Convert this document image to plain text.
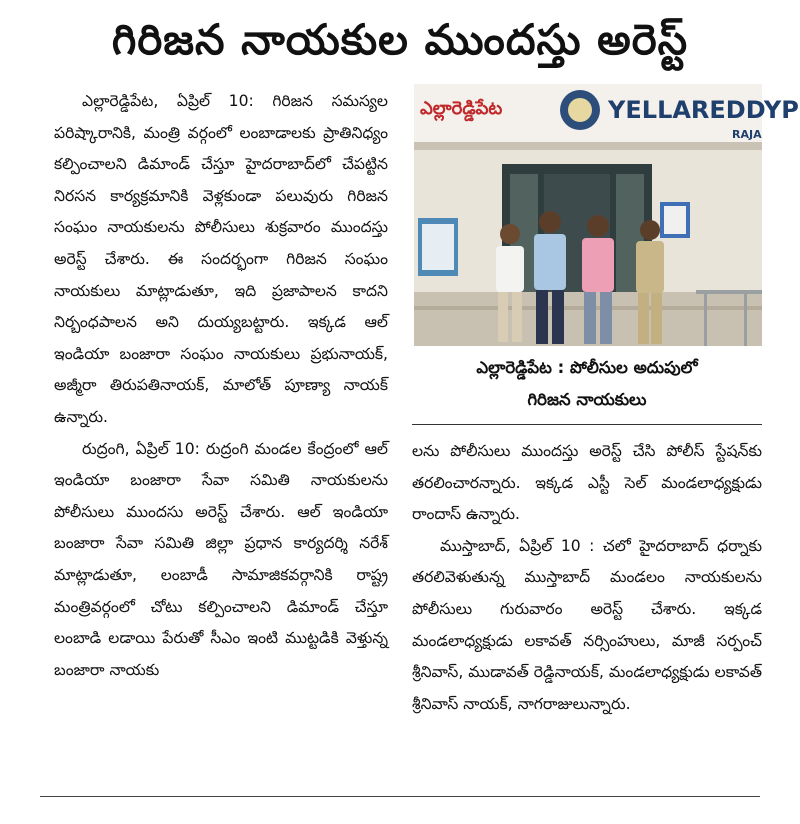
గిరిజన నాయకుల ముందస్తు అరెస్ట్

ఎల్లారెడ్డిపేట, ఏప్రిల్ 10: గిరిజన సమస్యల పరిష్కారానికి, మంత్రి వర్గంలో లంబాడాలకు ప్రాతినిధ్యం కల్పించాలని డిమాండ్ చేస్తూ హైదరాబాద్‌లో చేపట్టిన నిరసన కార్యక్రమానికి వెళ్లకుండా పలువురు గిరిజన సంఘం నాయకులను పోలీసులు శుక్రవారం ముందస్తు అరెస్ట్ చేశారు. ఈ సందర్భంగా గిరిజన సంఘం నాయకులు మాట్లాడుతూ, ఇది ప్రజాపాలన కాదని నిర్బంధపాలన అని దుయ్యబట్టారు. ఇక్కడ ఆల్ ఇండియా బంజారా సంఘం నాయకులు ప్రభునాయక్, అజ్మీరా తిరుపతినాయక్, మాలోత్ పూణ్యా నాయక్ ఉన్నారు.

రుద్రంగి, ఏప్రిల్ 10: రుద్రంగి మండల కేంద్రంలో ఆల్ ఇండియా బంజారా సేవా సమితి నాయకులను పోలీసులు ముందసు అరెస్ట్ చేశారు. ఆల్ ఇండియా బంజారా సేవా సమితి జిల్లా ప్రధాన కార్యదర్శి నరేశ్ మాట్లాడుతూ, లంబాడీ సామాజికవర్గానికి రాష్ట్ర మంత్రివర్గంలో చోటు కల్పించాలని డిమాండ్ చేస్తూ లంబాడి లడాయి పేరుతో సీఎం ఇంటి ముట్టడికి వెళ్తున్న బంజారా నాయకు

ఎల్లారెడ్డిపేట	YELLAREDDYP
RAJA
ఎల్లారెడ్డిపేట : పోలీసుల అదుపులో
గిరిజన నాయకులు

లను పోలీసులు ముందస్తు అరెస్ట్ చేసి పోలీస్ స్టేషన్‌కు తరలించారన్నారు. ఇక్కడ ఎస్టీ సెల్ మండలాధ్యక్షుడు రాందాస్ ఉన్నారు.

ముస్తాబాద్, ఏప్రిల్ 10 : చలో హైదరాబాద్ ధర్నాకు తరలివెళుతున్న ముస్తాబాద్ మండలం నాయకులను పోలీసులు గురువారం అరెస్ట్ చేశారు. ఇక్కడ మండలాధ్యక్షుడు లకావత్ నర్సింహులు, మాజీ సర్పంచ్ శ్రీనివాస్, ముడావత్ రెడ్డినాయక్, మండలాధ్యక్షుడు లకావత్ శ్రీనివాస్ నాయక్, నాగరాజులున్నారు.
